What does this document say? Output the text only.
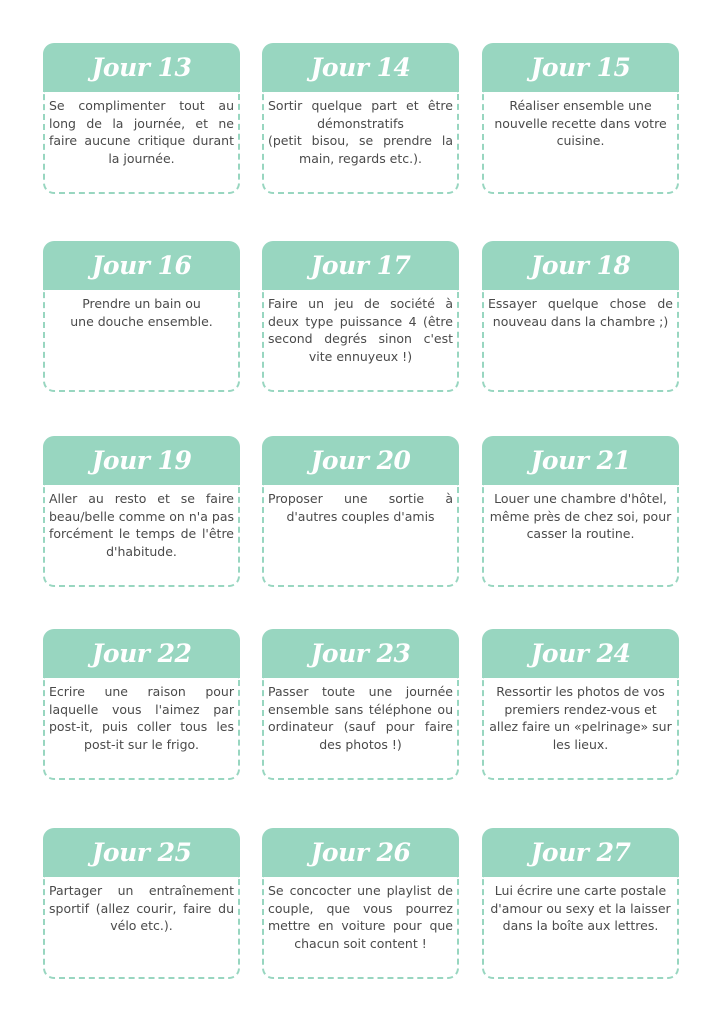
Jour 13
Se complimenter tout au long de la journée, et ne faire aucune critique durant la journée.
Jour 14
Sortir quelque part et être démonstratifs
(petit bisou, se prendre la main, regards etc.).
Jour 15
Réaliser ensemble une nouvelle recette dans votre cuisine.
Jour 16
Prendre un bain ou
une douche ensemble.
Jour 17
Faire un jeu de société à deux type puissance 4 (être second degrés sinon c'est vite ennuyeux !)
Jour 18
Essayer quelque chose de nouveau dans la chambre ;)
Jour 19
Aller au resto et se faire beau/belle comme on n'a pas forcément le temps de l'être d'habitude.
Jour 20
Proposer une sortie à d'autres couples d'amis
Jour 21
Louer une chambre d'hôtel, même près de chez soi, pour casser la routine.
Jour 22
Ecrire une raison pour laquelle vous l'aimez par post-it, puis coller tous les post-it sur le frigo.
Jour 23
Passer toute une journée ensemble sans téléphone ou ordinateur (sauf pour faire des photos !)
Jour 24
Ressortir les photos de vos premiers rendez-vous et allez faire un «pelrinage» sur les lieux.
Jour 25
Partager un entraînement sportif (allez courir, faire du vélo etc.).
Jour 26
Se concocter une playlist de couple, que vous pourrez mettre en voiture pour que chacun soit content !
Jour 27
Lui écrire une carte postale d'amour ou sexy et la laisser dans la boîte aux lettres.
